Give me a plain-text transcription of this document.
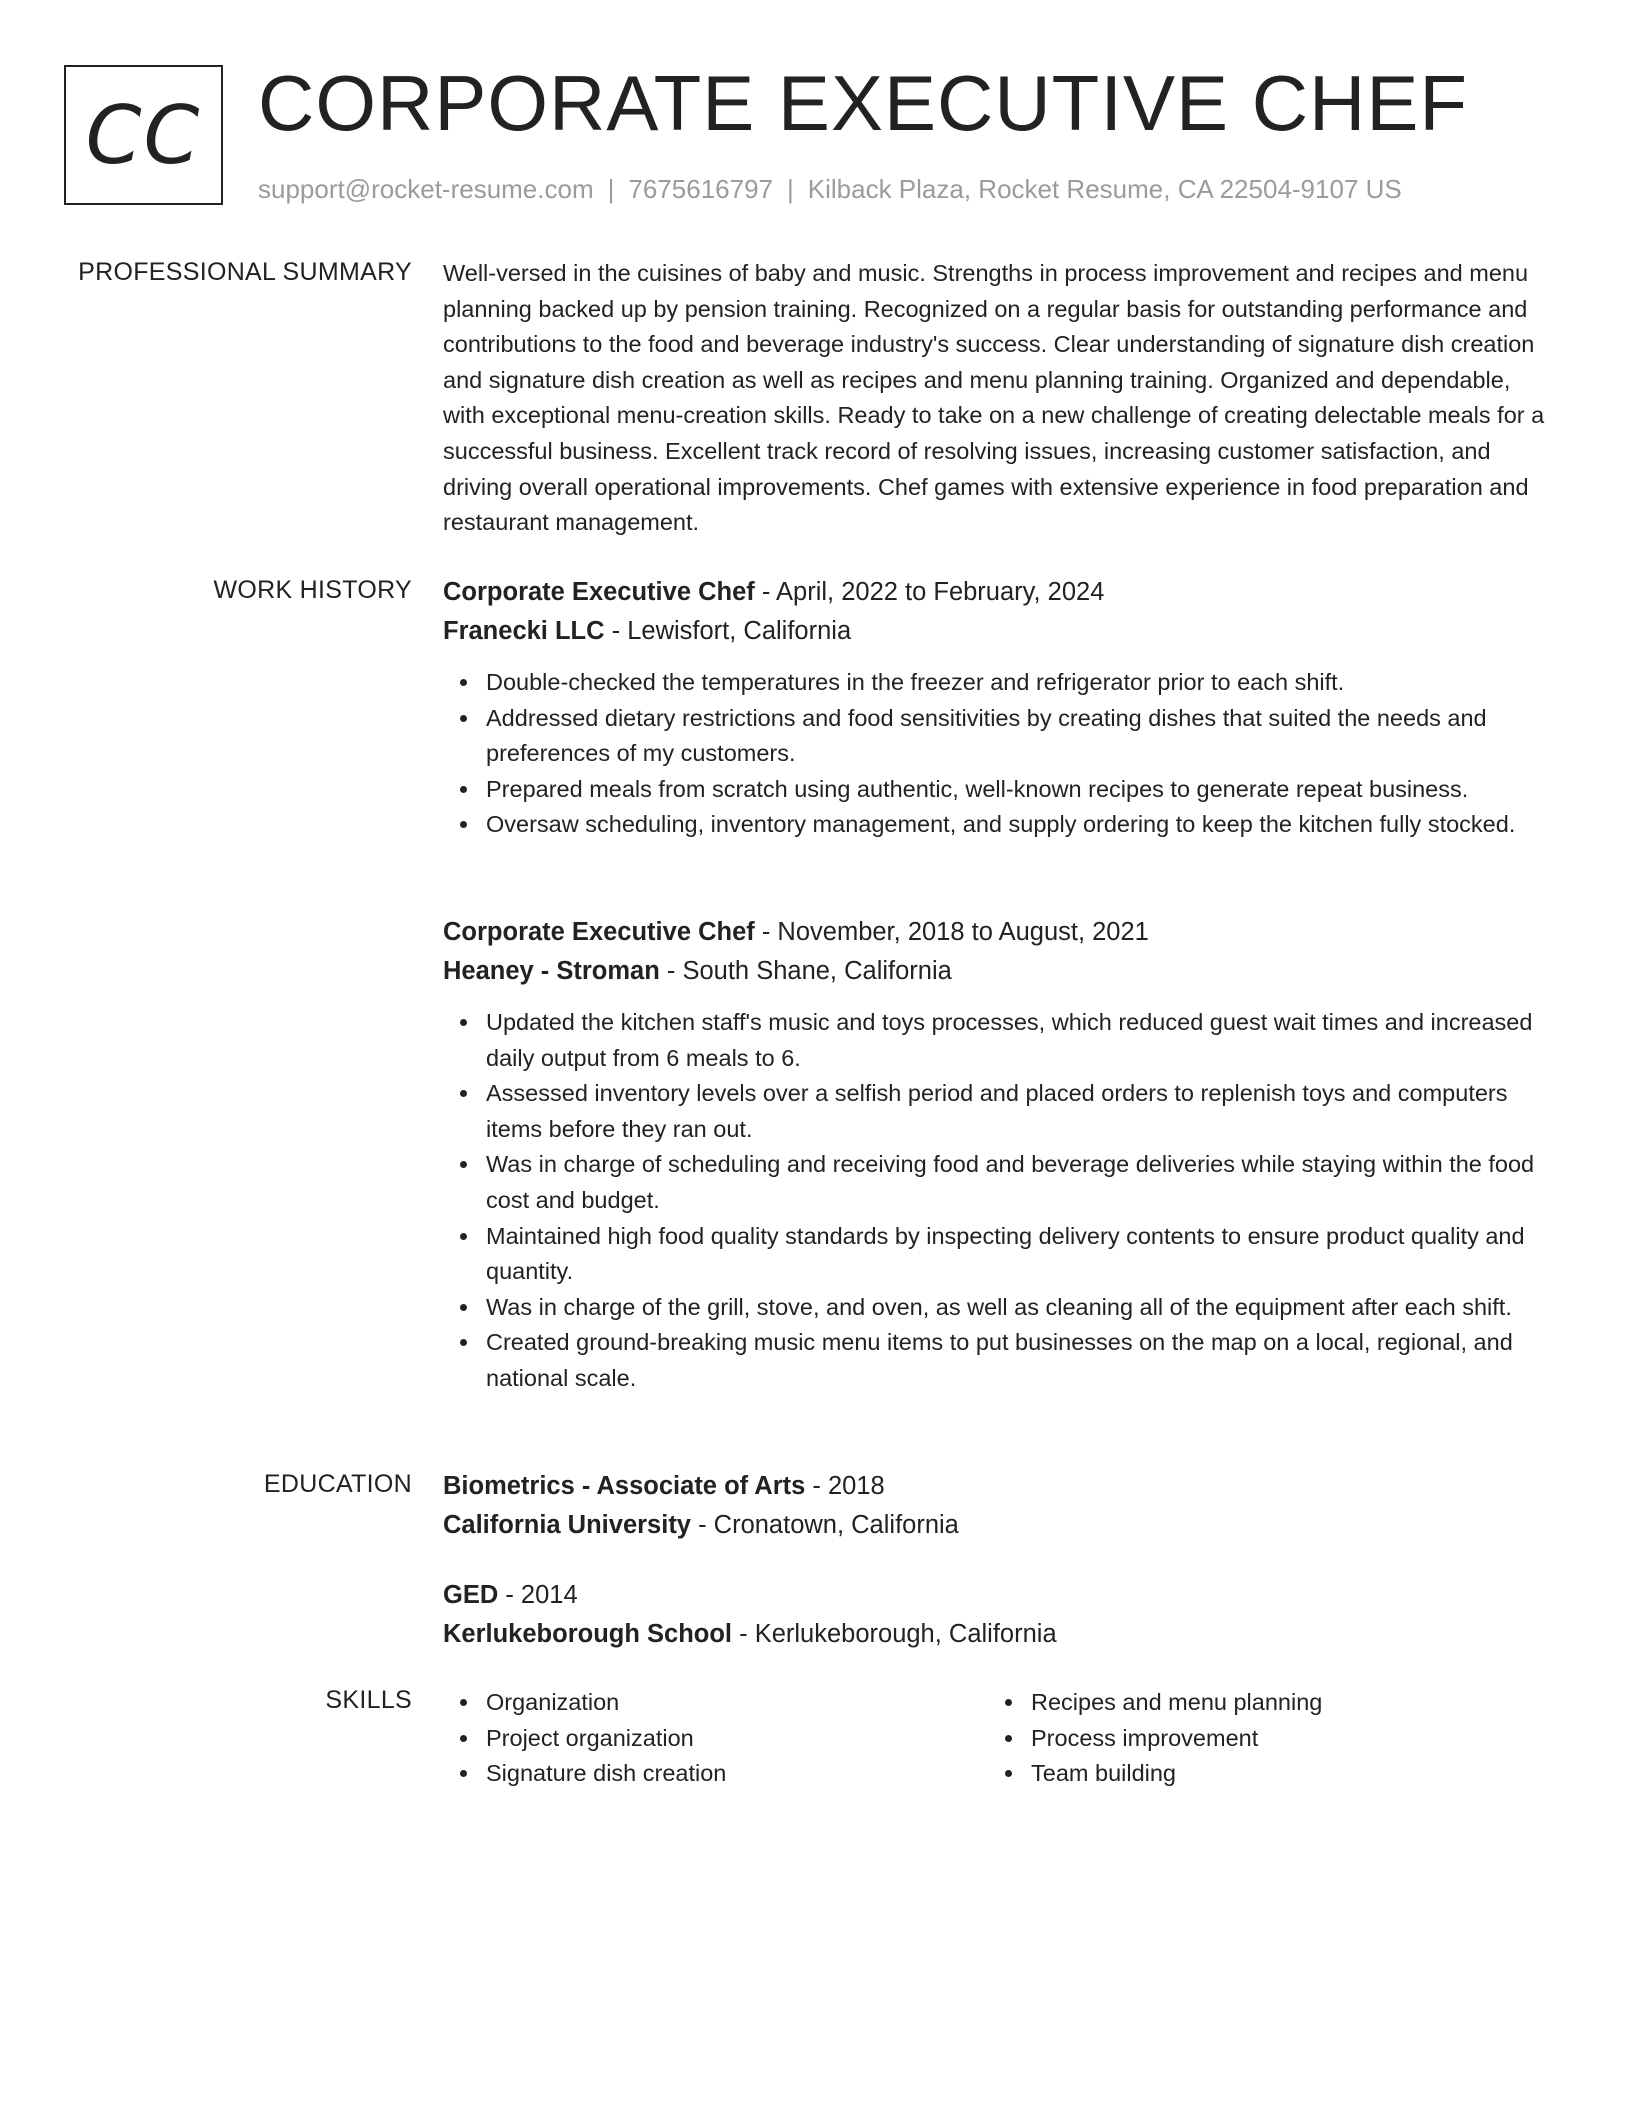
CC CORPORATE EXECUTIVE CHEF
support@rocket-resume.com | 7675616797 | Kilback Plaza, Rocket Resume, CA 22504-9107 US
PROFESSIONAL SUMMARY Well-versed in the cuisines of baby and music. Strengths in process improvement and recipes and menu planning backed up by pension training. Recognized on a regular basis for outstanding performance and contributions to the food and beverage industry's success. Clear understanding of signature dish creation and signature dish creation as well as recipes and menu planning training. Organized and dependable, with exceptional menu-creation skills. Ready to take on a new challenge of creating delectable meals for a successful business. Excellent track record of resolving issues, increasing customer satisfaction, and driving overall operational improvements. Chef games with extensive experience in food preparation and restaurant management.

WORK HISTORY Corporate Executive Chef - April, 2022 to February, 2024
Franecki LLC - Lewisfort, California
Double-checked the temperatures in the freezer and refrigerator prior to each shift.
Addressed dietary restrictions and food sensitivities by creating dishes that suited the needs and preferences of my customers.
Prepared meals from scratch using authentic, well-known recipes to generate repeat business.
Oversaw scheduling, inventory management, and supply ordering to keep the kitchen fully stocked.
Corporate Executive Chef - November, 2018 to August, 2021
Heaney - Stroman - South Shane, California
Updated the kitchen staff's music and toys processes, which reduced guest wait times and increased daily output from 6 meals to 6.
Assessed inventory levels over a selfish period and placed orders to replenish toys and computers items before they ran out.
Was in charge of scheduling and receiving food and beverage deliveries while staying within the food cost and budget.
Maintained high food quality standards by inspecting delivery contents to ensure product quality and quantity.
Was in charge of the grill, stove, and oven, as well as cleaning all of the equipment after each shift.
Created ground-breaking music menu items to put businesses on the map on a local, regional, and national scale.
EDUCATION Biometrics - Associate of Arts - 2018
California University - Cronatown, California
GED - 2014
Kerlukeborough School - Kerlukeborough, California
SKILLS	Organization
Project organization
Signature dish creation
Recipes and menu planning
Process improvement
Team building
